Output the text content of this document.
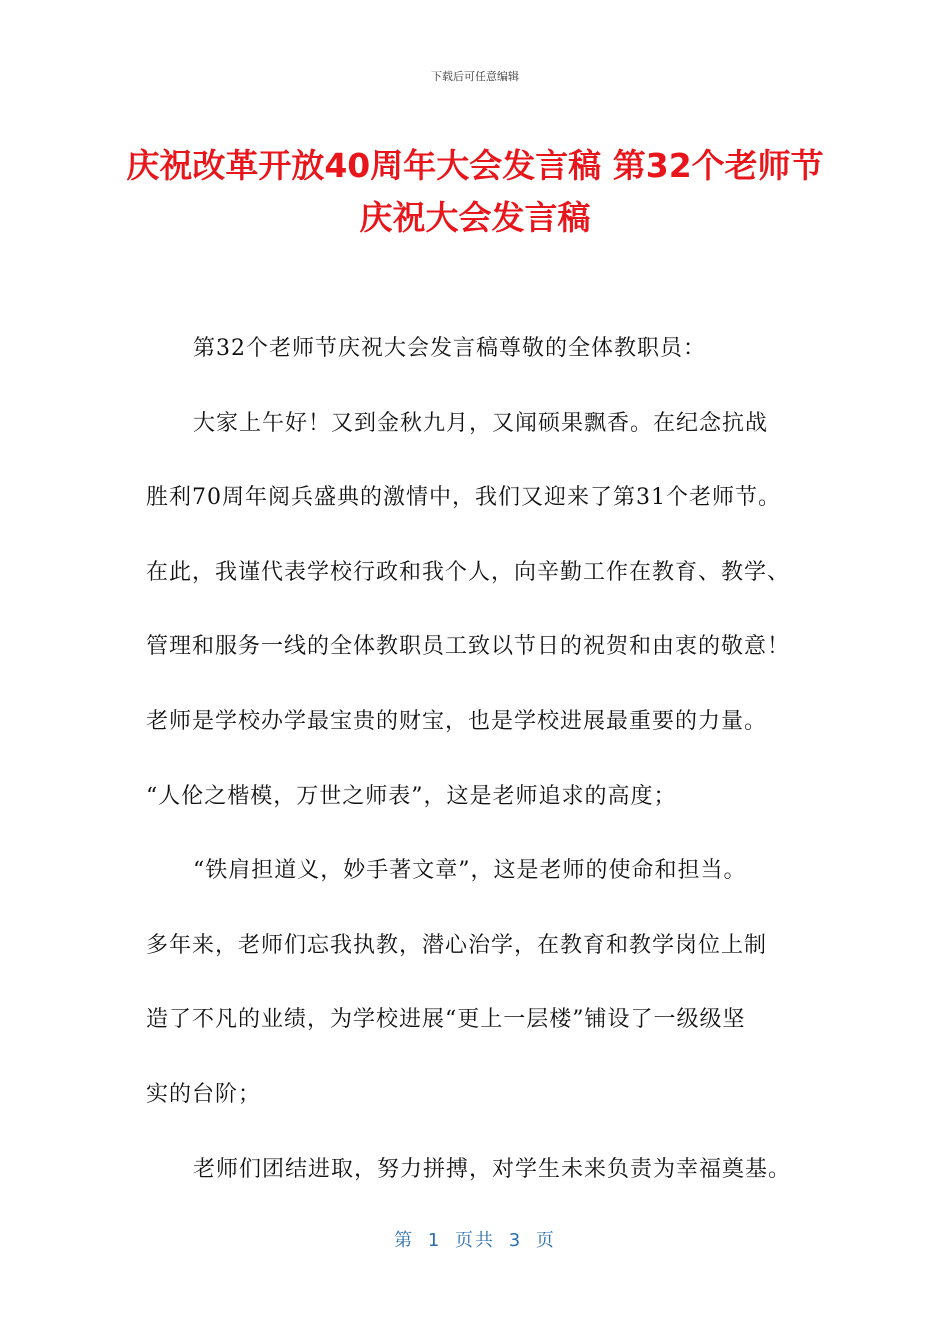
下载后可任意编辑
庆祝改革开放40周年大会发言稿 第32个老师节庆祝大会发言稿
第32个老师节庆祝大会发言稿尊敬的全体教职员：
大家上午好！又到金秋九月，又闻硕果飘香。在纪念抗战
胜利70周年阅兵盛典的激情中，我们又迎来了第31个老师节。
在此，我谨代表学校行政和我个人，向辛勤工作在教育、教学、
管理和服务一线的全体教职员工致以节日的祝贺和由衷的敬意！
老师是学校办学最宝贵的财宝，也是学校进展最重要的力量。
“人伦之楷模，万世之师表”，这是老师追求的高度；
“铁肩担道义，妙手著文章”，这是老师的使命和担当。
多年来，老师们忘我执教，潜心治学，在教育和教学岗位上制
造了不凡的业绩，为学校进展“更上一层楼”铺设了一级级坚
实的台阶；
老师们团结进取，努力拼搏，对学生未来负责为幸福奠基。
第 1 页共 3 页
